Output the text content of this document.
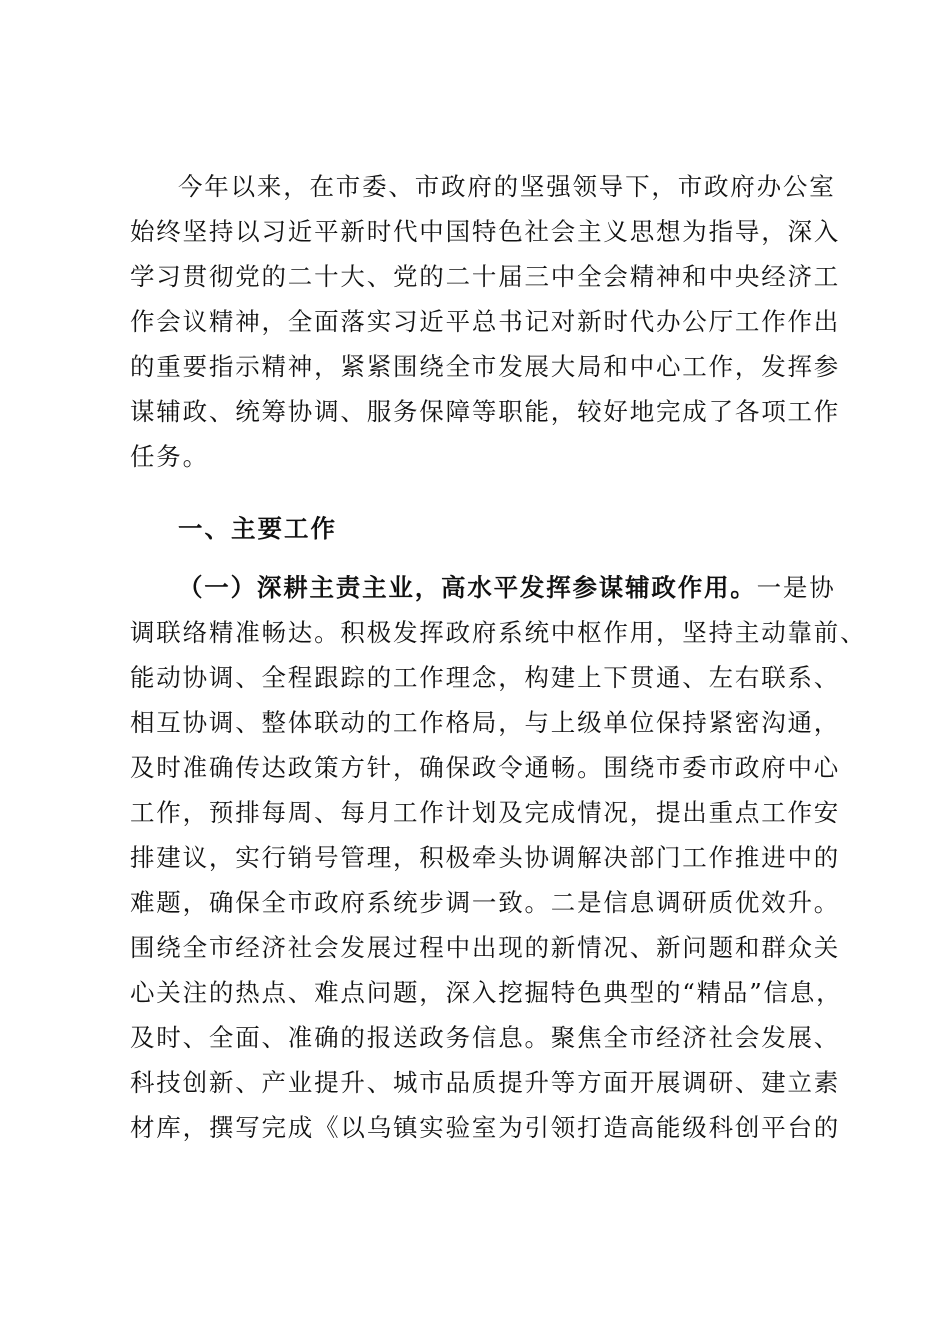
今年以来，在市委、市政府的坚强领导下，市政府办公室
始终坚持以习近平新时代中国特色社会主义思想为指导，深入
学习贯彻党的二十大、党的二十届三中全会精神和中央经济工
作会议精神，全面落实习近平总书记对新时代办公厅工作作出
的重要指示精神，紧紧围绕全市发展大局和中心工作，发挥参
谋辅政、统筹协调、服务保障等职能，较好地完成了各项工作
任务。
一、主要工作
（一）深耕主责主业，高水平发挥参谋辅政作用。一是协
调联络精准畅达。积极发挥政府系统中枢作用，坚持主动靠前、
能动协调、全程跟踪的工作理念，构建上下贯通、左右联系、
相互协调、整体联动的工作格局，与上级单位保持紧密沟通，
及时准确传达政策方针，确保政令通畅。围绕市委市政府中心
工作，预排每周、每月工作计划及完成情况，提出重点工作安
排建议，实行销号管理，积极牵头协调解决部门工作推进中的
难题，确保全市政府系统步调一致。二是信息调研质优效升。
围绕全市经济社会发展过程中出现的新情况、新问题和群众关
心关注的热点、难点问题，深入挖掘特色典型的“精品”信息，
及时、全面、准确的报送政务信息。聚焦全市经济社会发展、
科技创新、产业提升、城市品质提升等方面开展调研、建立素
材库，撰写完成《以乌镇实验室为引领打造高能级科创平台的
